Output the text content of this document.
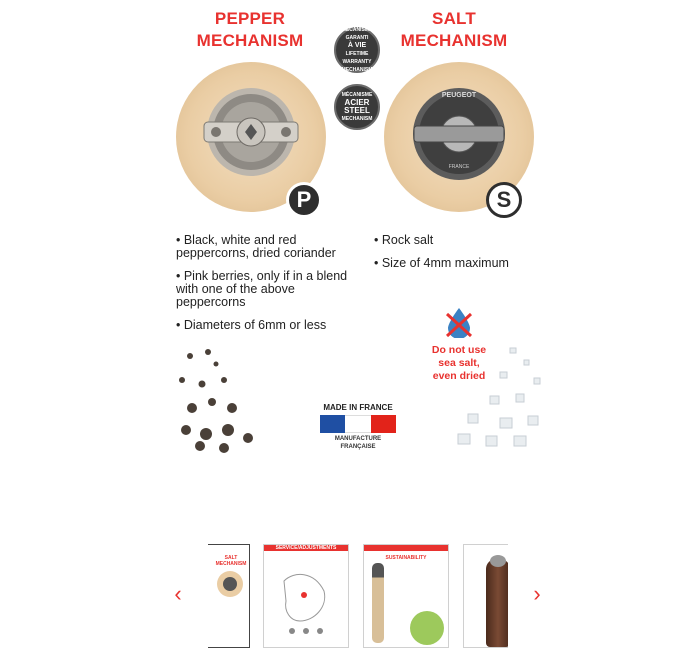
PEPPER
MECHANISM
SALT
MECHANISM
MÉCANISME
GARANTI
À VIE
LIFETIME
WARRANTY
MECHANISM
MÉCANISME
ACIER
STEEL
MECHANISM
P
PEUGEOT
FRANCE
S
• Black, white and red peppercorns, dried coriander
• Pink berries, only if in a blend with one of the above peppercorns
• Diameters of 6mm or less
• Rock salt
• Size of 4mm maximum
MADE IN FRANCE
MANUFACTURE FRANÇAISE
Do not use
sea salt,
even dried
‹	›
SALT MECHANISM
SERVICE/ADJUSTMENTS
SUSTAINABILITY
